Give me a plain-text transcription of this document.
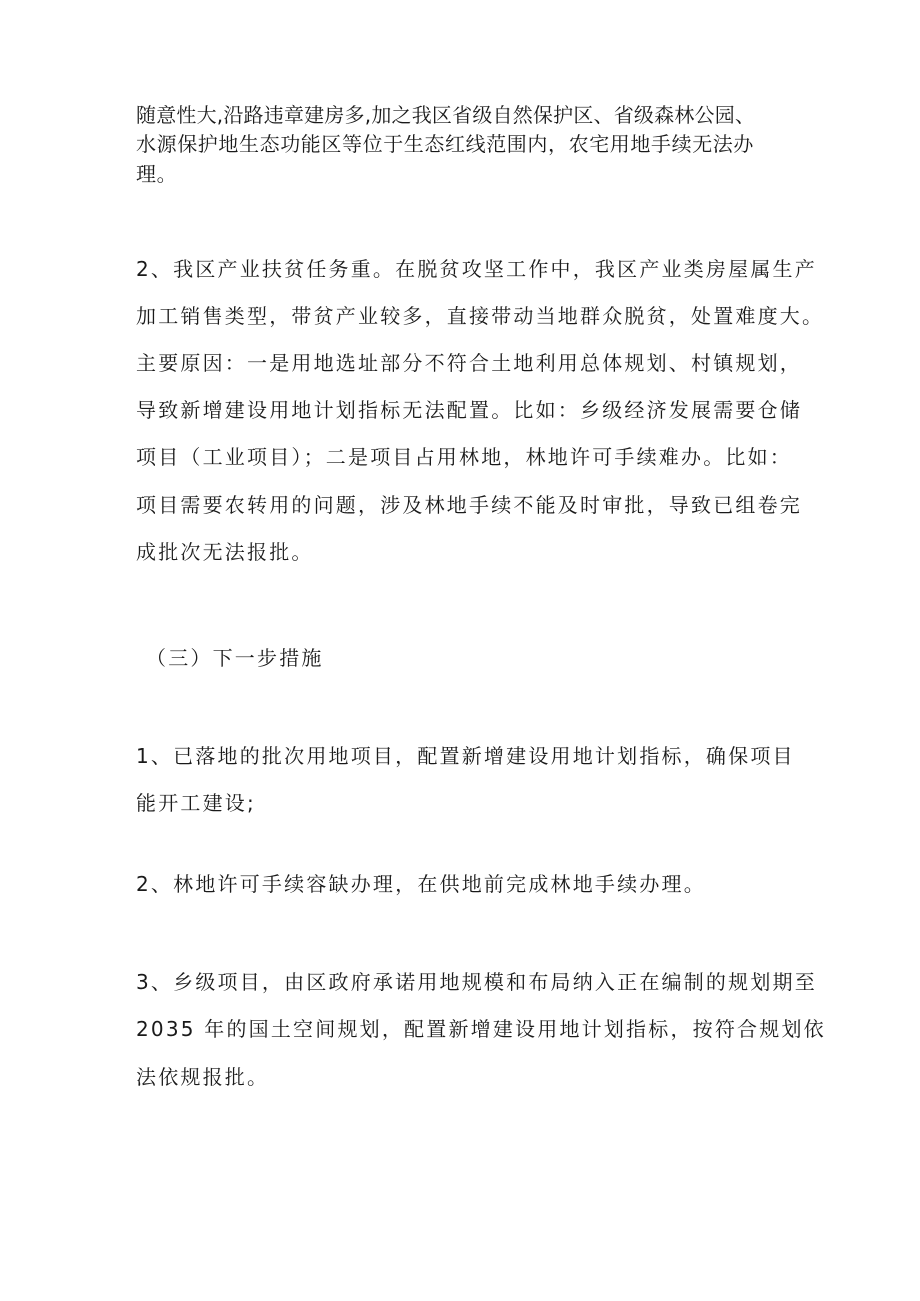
随意性大,沿路违章建房多,加之我区省级自然保护区、省级森林公园、
水源保护地生态功能区等位于生态红线范围内，农宅用地手续无法办
理。
2、我区产业扶贫任务重。在脱贫攻坚工作中，我区产业类房屋属生产
加工销售类型，带贫产业较多，直接带动当地群众脱贫，处置难度大。
主要原因：一是用地选址部分不符合土地利用总体规划、村镇规划，
导致新增建设用地计划指标无法配置。比如：乡级经济发展需要仓储
项目（工业项目）；二是项目占用林地，林地许可手续难办。比如：
项目需要农转用的问题，涉及林地手续不能及时审批，导致已组卷完
成批次无法报批。
（三）下一步措施
1、已落地的批次用地项目，配置新增建设用地计划指标，确保项目
能开工建设;
2、林地许可手续容缺办理，在供地前完成林地手续办理。
3、乡级项目，由区政府承诺用地规模和布局纳入正在编制的规划期至
2035 年的国土空间规划，配置新增建设用地计划指标，按符合规划依
法依规报批。
